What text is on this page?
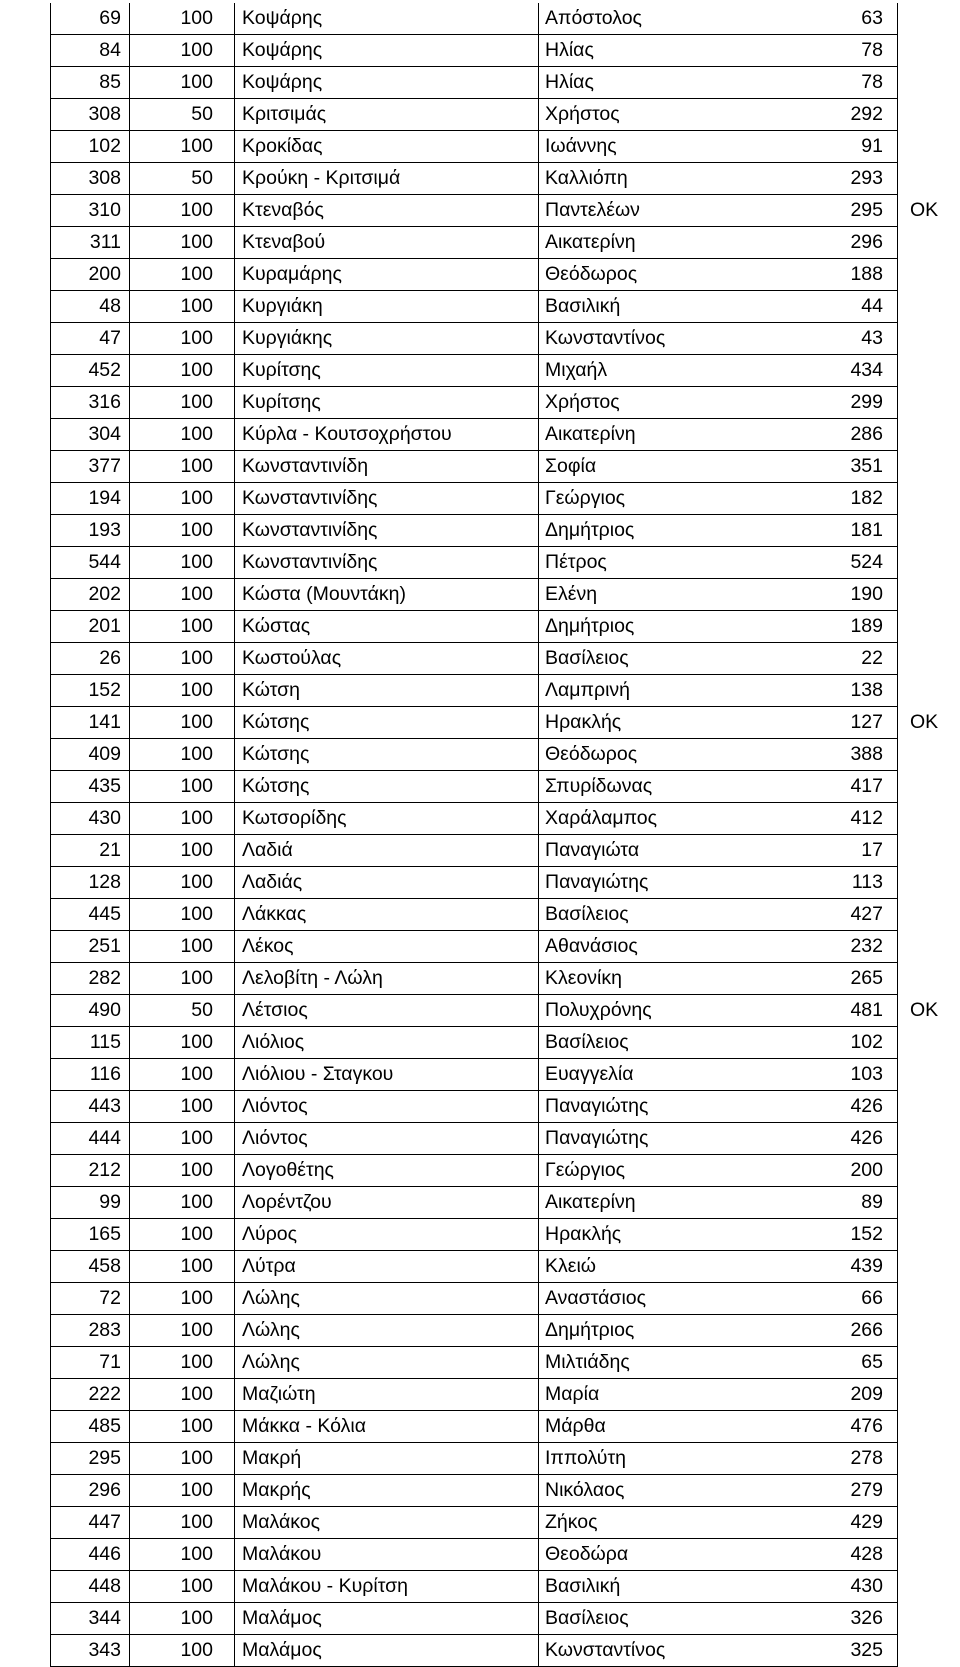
69	100	Κοψάρης	Απόστολος	63	
84	100	Κοψάρης	Ηλίας	78	
85	100	Κοψάρης	Ηλίας	78	
308	50	Κριτσιμάς	Χρήστος	292	
102	100	Κροκίδας	Ιωάννης	91	
308	50	Κρούκη - Κριτσιμά	Καλλιόπη	293	
310	100	Κτεναβός	Παντελέων	295	OK
311	100	Κτεναβού	Αικατερίνη	296	
200	100	Κυραμάρης	Θεόδωρος	188	
48	100	Κυργιάκη	Βασιλική	44	
47	100	Κυργιάκης	Κωνσταντίνος	43	
452	100	Κυρίτσης	Μιχαήλ	434	
316	100	Κυρίτσης	Χρήστος	299	
304	100	Κύρλα - Κουτσοχρήστου	Αικατερίνη	286	
377	100	Κωνσταντινίδη	Σοφία	351	
194	100	Κωνσταντινίδης	Γεώργιος	182	
193	100	Κωνσταντινίδης	Δημήτριος	181	
544	100	Κωνσταντινίδης	Πέτρος	524	
202	100	Κώστα (Μουντάκη)	Ελένη	190	
201	100	Κώστας	Δημήτριος	189	
26	100	Κωστούλας	Βασίλειος	22	
152	100	Κώτση	Λαμπρινή	138	
141	100	Κώτσης	Ηρακλής	127	OK
409	100	Κώτσης	Θεόδωρος	388	
435	100	Κώτσης	Σπυρίδωνας	417	
430	100	Κωτσορίδης	Χαράλαμπος	412	
21	100	Λαδιά	Παναγιώτα	17	
128	100	Λαδιάς	Παναγιώτης	113	
445	100	Λάκκας	Βασίλειος	427	
251	100	Λέκος	Αθανάσιος	232	
282	100	Λελοβίτη - Λώλη	Κλεονίκη	265	
490	50	Λέτσιος	Πολυχρόνης	481	OK
115	100	Λιόλιος	Βασίλειος	102	
116	100	Λιόλιου - Σταγκου	Ευαγγελία	103	
443	100	Λιόντος	Παναγιώτης	426	
444	100	Λιόντος	Παναγιώτης	426	
212	100	Λογοθέτης	Γεώργιος	200	
99	100	Λορέντζου	Αικατερίνη	89	
165	100	Λύρος	Ηρακλής	152	
458	100	Λύτρα	Κλειώ	439	
72	100	Λώλης	Αναστάσιος	66	
283	100	Λώλης	Δημήτριος	266	
71	100	Λώλης	Μιλτιάδης	65	
222	100	Μαζιώτη	Μαρία	209	
485	100	Μάκκα - Κόλια	Μάρθα	476	
295	100	Μακρή	Ιππολύτη	278	
296	100	Μακρής	Νικόλαος	279	
447	100	Μαλάκος	Ζήκος	429	
446	100	Μαλάκου	Θεοδώρα	428	
448	100	Μαλάκου - Κυρίτση	Βασιλική	430	
344	100	Μαλάμος	Βασίλειος	326	
343	100	Μαλάμος	Κωνσταντίνος	325	
